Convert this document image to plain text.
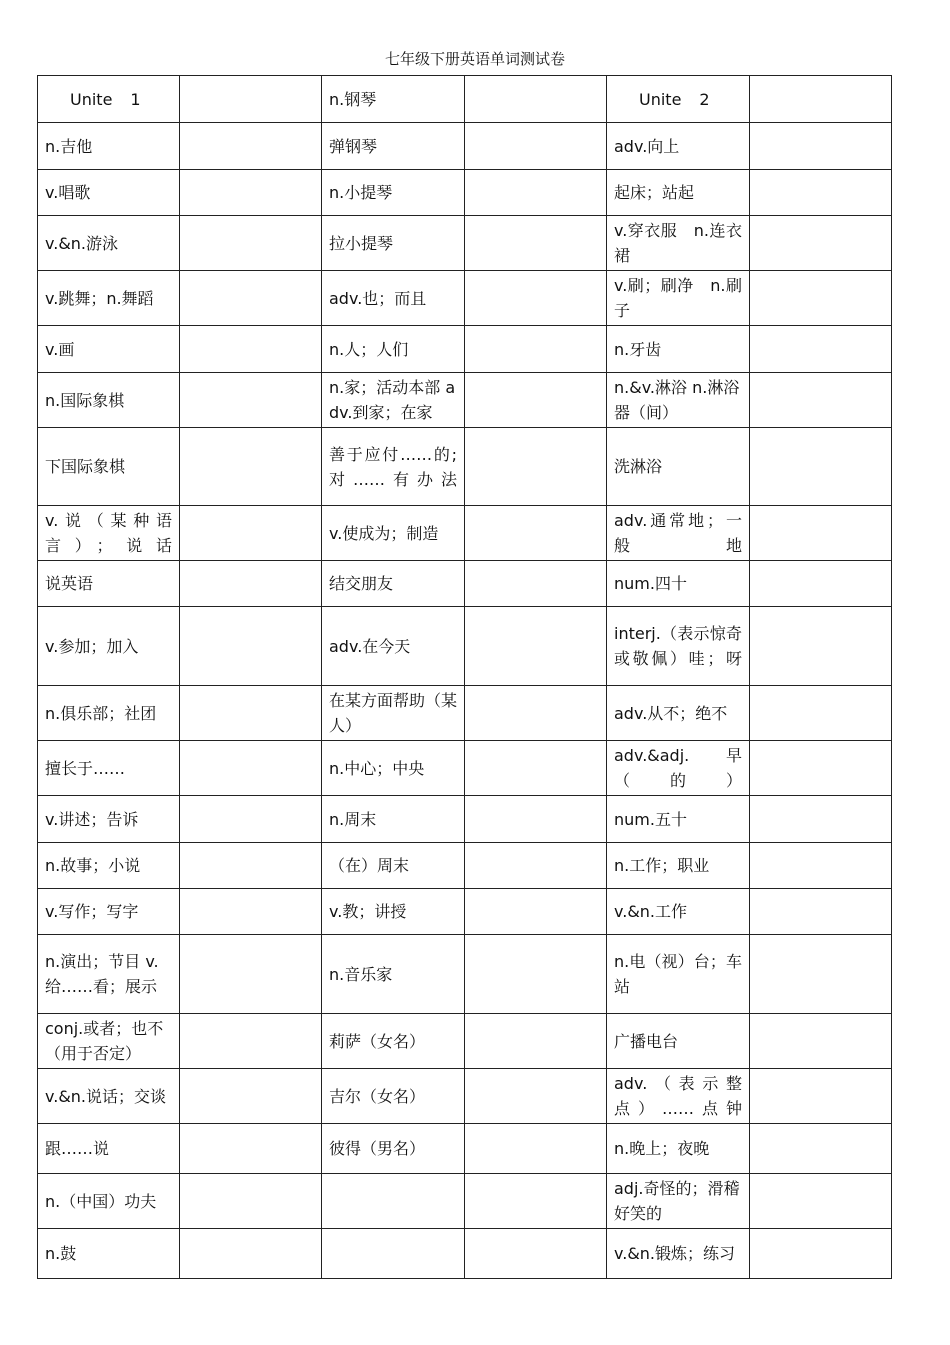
七年级下册英语单词测试卷
Unite 1		n.钢琴		Unite 2	
n.吉他		弹钢琴		adv.向上	
v.唱歌		n.小提琴		起床；站起	
v.&n.游泳		拉小提琴		v.穿衣服　n.连衣裙	
v.跳舞；n.舞蹈		adv.也；而且		v.刷；刷净　n.刷子	
v.画		n.人；人们		n.牙齿	
n.国际象棋		n.家；活动本部 adv.到家；在家		n.&v.淋浴 n.淋浴器（间）	
下国际象棋		善于应付……的;对……有办法		洗淋浴	
v.说（某种语言）；说话		v.使成为；制造		adv.通常地；一般地	
说英语		结交朋友		num.四十	
v.参加；加入		adv.在今天		interj.（表示惊奇或敬佩）哇；呀	
n.俱乐部；社团		在某方面帮助（某人）		adv.从不；绝不	
擅长于……		n.中心；中央		adv.&adj.　早（的）	
v.讲述；告诉		n.周末		num.五十	
n.故事；小说		（在）周末		n.工作；职业	
v.写作；写字		v.教；讲授		v.&n.工作	
n.演出；节目 v.给……看；展示		n.音乐家		n.电（视）台；车站	
conj.或者；也不（用于否定）		莉萨（女名）		广播电台	
v.&n.说话；交谈		吉尔（女名）		adv.（表示整点）……点钟	
跟……说		彼得（男名）		n.晚上；夜晚	
n.（中国）功夫				adj.奇怪的；滑稽好笑的	
n.鼓				v.&n.锻炼；练习	
